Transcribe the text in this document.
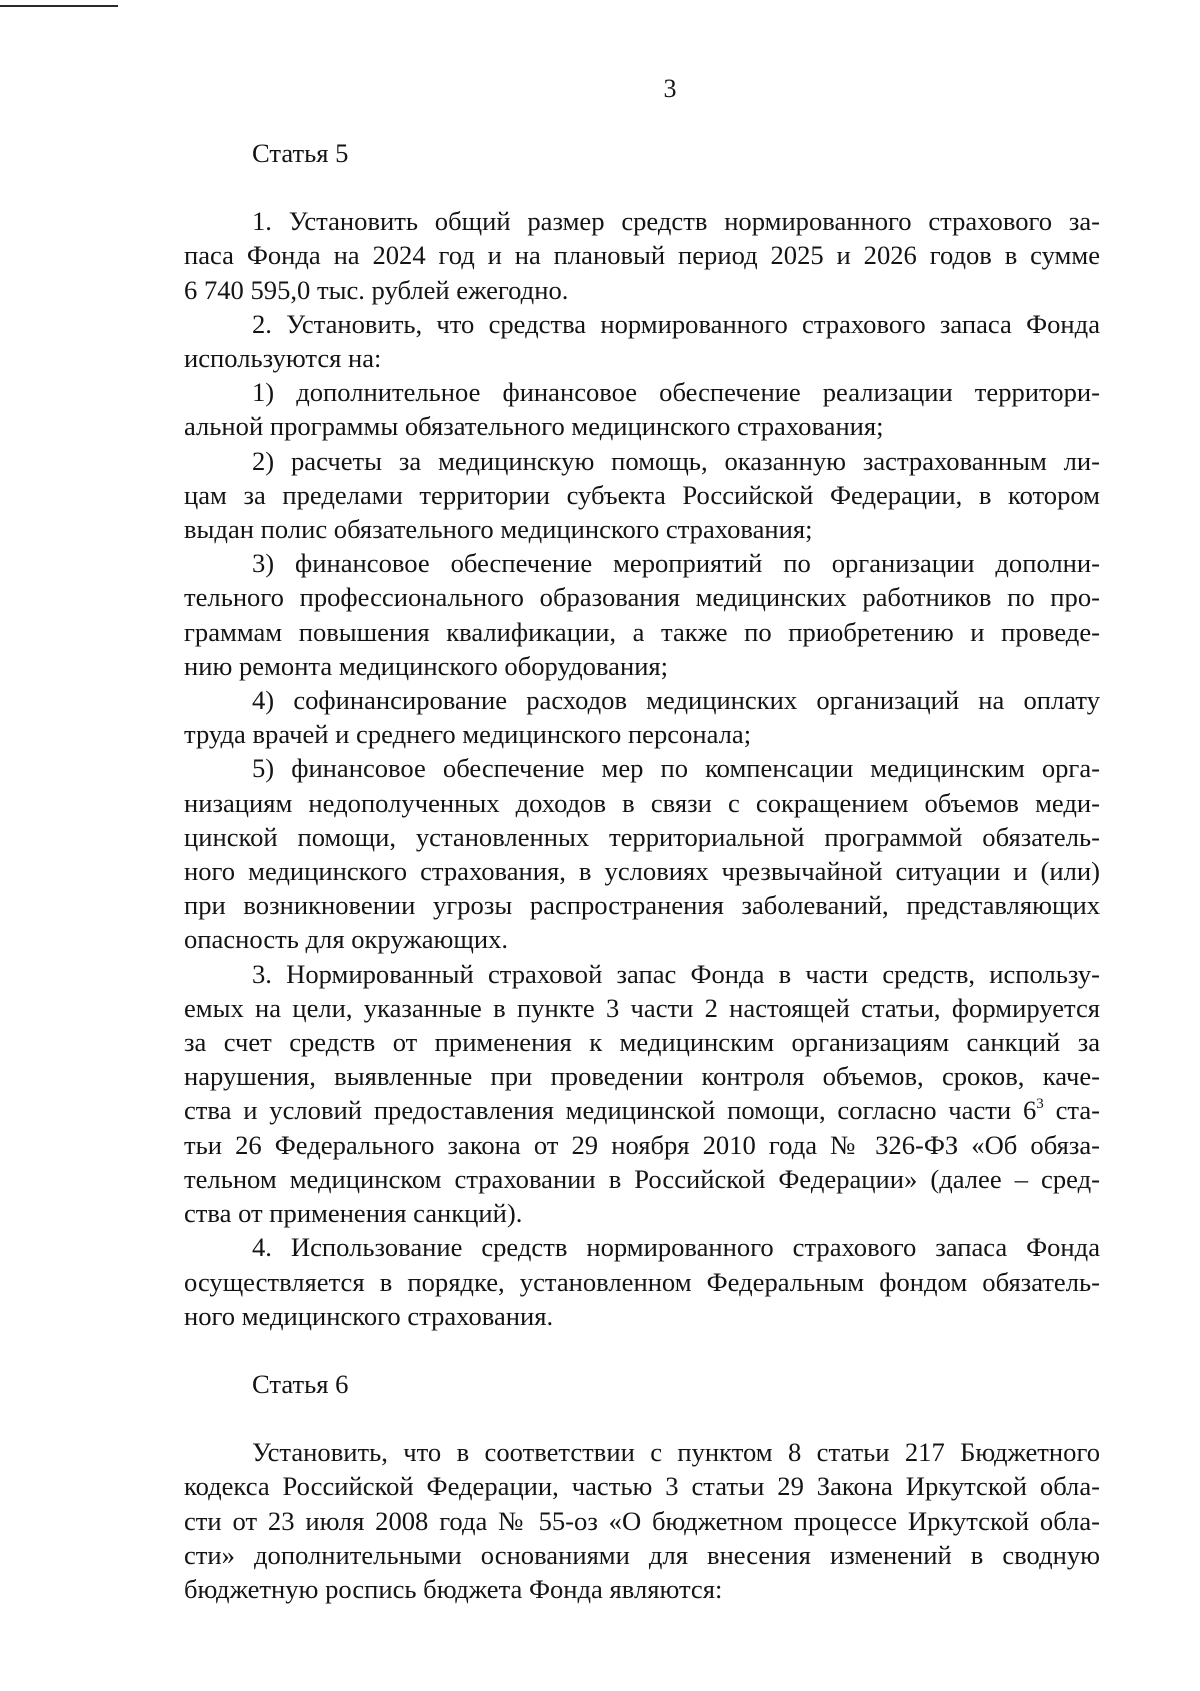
3
Статья 5
1. Установить общий размер средств нормированного страхового за-
паса Фонда на 2024 год и на плановый период 2025 и 2026 годов в сумме
6 740 595,0 тыс. рублей ежегодно.
2. Установить, что средства нормированного страхового запаса Фонда
используются на:
1) дополнительное финансовое обеспечение реализации территори-
альной программы обязательного медицинского страхования;
2) расчеты за медицинскую помощь, оказанную застрахованным ли-
цам за пределами территории субъекта Российской Федерации, в котором
выдан полис обязательного медицинского страхования;
3) финансовое обеспечение мероприятий по организации дополни-
тельного профессионального образования медицинских работников по про-
граммам повышения квалификации, а также по приобретению и проведе-
нию ремонта медицинского оборудования;
4) софинансирование расходов медицинских организаций на оплату
труда врачей и среднего медицинского персонала;
5) финансовое обеспечение мер по компенсации медицинским орга-
низациям недополученных доходов в связи с сокращением объемов меди-
цинской помощи, установленных территориальной программой обязатель-
ного медицинского страхования, в условиях чрезвычайной ситуации и (или)
при возникновении угрозы распространения заболеваний, представляющих
опасность для окружающих.
3. Нормированный страховой запас Фонда в части средств, использу-
емых на цели, указанные в пункте 3 части 2 настоящей статьи, формируется
за счет средств от применения к медицинским организациям санкций за
нарушения, выявленные при проведении контроля объемов, сроков, каче-
ства и условий предоставления медицинской помощи, согласно части $6^3$ ста-
тьи 26 Федерального закона от 29 ноября 2010 года № 326-ФЗ «Об обяза-
тельном медицинском страховании в Российской Федерации» (далее – сред-
ства от применения санкций).
4. Использование средств нормированного страхового запаса Фонда
осуществляется в порядке, установленном Федеральным фондом обязатель-
ного медицинского страхования.
Статья 6
Установить, что в соответствии с пунктом 8 статьи 217 Бюджетного
кодекса Российской Федерации, частью 3 статьи 29 Закона Иркутской обла-
сти от 23 июля 2008 года № 55-оз «О бюджетном процессе Иркутской обла-
сти» дополнительными основаниями для внесения изменений в сводную
бюджетную роспись бюджета Фонда являются:
